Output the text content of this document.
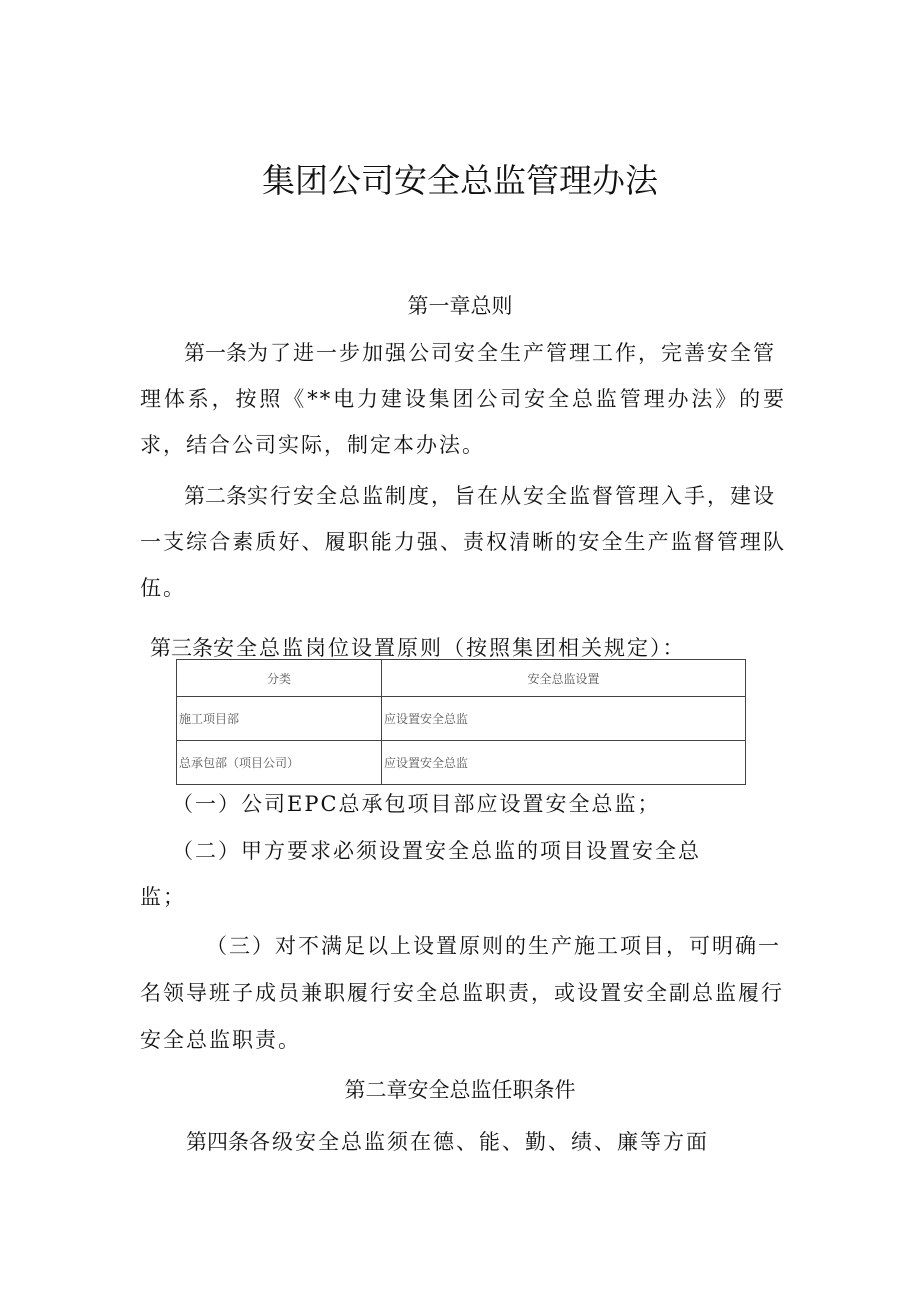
集团公司安全总监管理办法
第一章总则
第一条为了进一步加强公司安全生产管理工作，完善安全管
理体系，按照《**电力建设集团公司安全总监管理办法》的要求，结合公司实际，制定本办法。
第二条实行安全总监制度，旨在从安全监督管理入手，建设
一支综合素质好、履职能力强、责权清晰的安全生产监督管理队伍。
第三条安全总监岗位设置原则（按照集团相关规定）：
分类	安全总监设置
施工项目部	应设置安全总监
总承包部（项目公司）	应设置安全总监
（一）公司EPC总承包项目部应设置安全总监；
（二）甲方要求必须设置安全总监的项目设置安全总
监；
（三）对不满足以上设置原则的生产施工项目，可明确一
名领导班子成员兼职履行安全总监职责，或设置安全副总监履行
安全总监职责。
第二章安全总监任职条件
第四条各级安全总监须在德、能、勤、绩、廉等方面
